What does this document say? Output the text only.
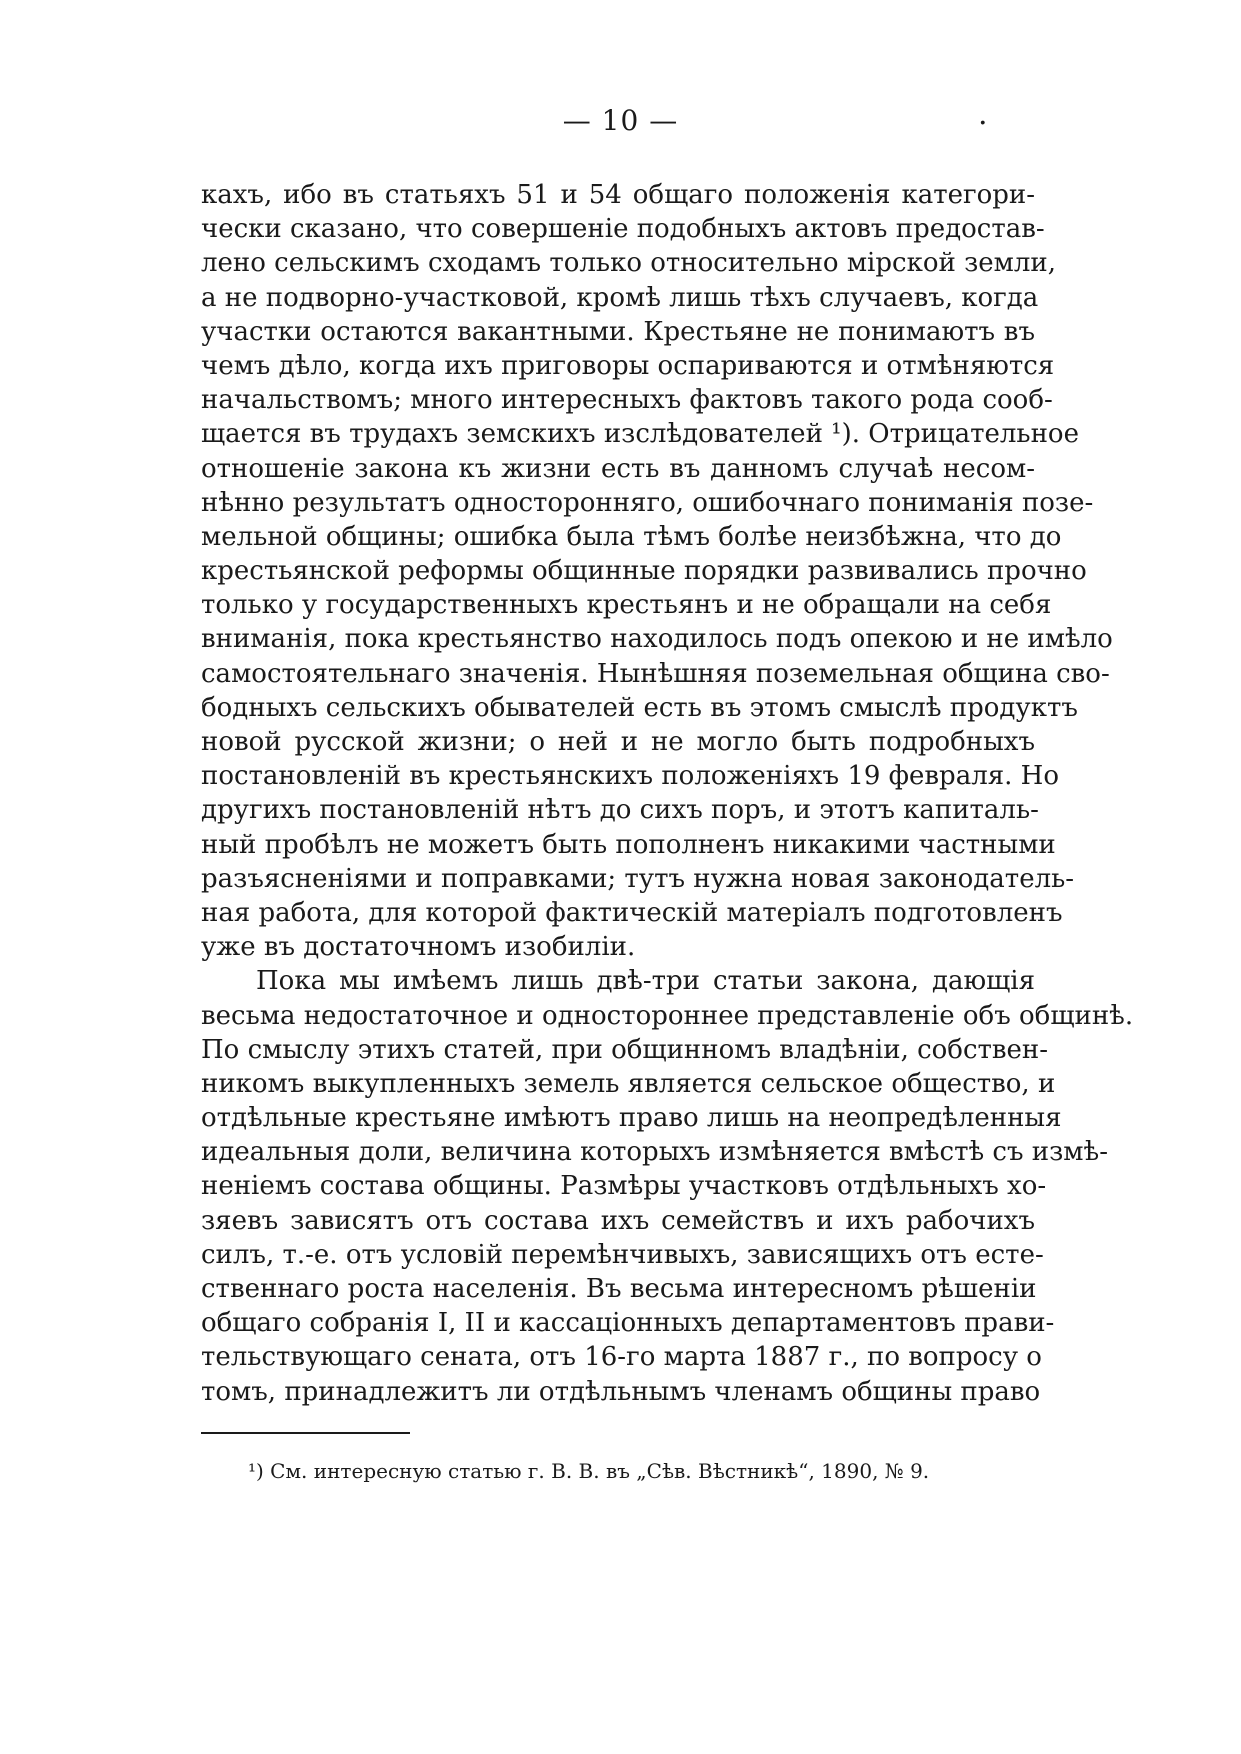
— 10 —	.
кахъ, ибо въ статьяхъ 51 и 54 общаго положенія категори-
чески сказано, что совершеніе подобныхъ актовъ предостав-
лено сельскимъ сходамъ только относительно мірской земли,
а не подворно-участковой, кромѣ лишь тѣхъ случаевъ, когда
участки остаются вакантными. Крестьяне не понимаютъ въ
чемъ дѣло, когда ихъ приговоры оспариваются и отмѣняются
начальствомъ; много интересныхъ фактовъ такого рода сооб-
щается въ трудахъ земскихъ изслѣдователей ¹). Отрицательное
отношеніе закона къ жизни есть въ данномъ случаѣ несом-
нѣнно результатъ односторонняго, ошибочнаго пониманія позе-
мельной общины; ошибка была тѣмъ болѣе неизбѣжна, что до
крестьянской реформы общинные порядки развивались прочно
только у государственныхъ крестьянъ и не обращали на себя
вниманія, пока крестьянство находилось подъ опекою и не имѣло
самостоятельнаго значенія. Нынѣшняя поземельная община сво-
бодныхъ сельскихъ обывателей есть въ этомъ смыслѣ продуктъ
новой русской жизни; о ней и не могло быть подробныхъ
постановленій въ крестьянскихъ положеніяхъ 19 февраля. Но
другихъ постановленій нѣтъ до сихъ поръ, и этотъ капиталь-
ный пробѣлъ не можетъ быть пополненъ никакими частными
разъясненіями и поправками; тутъ нужна новая законодатель-
ная работа, для которой фактическій матеріалъ подготовленъ
уже въ достаточномъ изобиліи.
Пока мы имѣемъ лишь двѣ-три статьи закона, дающія
весьма недостаточное и одностороннее представленіе объ общинѣ.
По смыслу этихъ статей, при общинномъ владѣніи, собствен-
никомъ выкупленныхъ земель является сельское общество, и
отдѣльные крестьяне имѣютъ право лишь на неопредѣленныя
идеальныя доли, величина которыхъ измѣняется вмѣстѣ съ измѣ-
неніемъ состава общины. Размѣры участковъ отдѣльныхъ хо-
зяевъ зависятъ отъ состава ихъ семействъ и ихъ рабочихъ
силъ, т.-е. отъ условій перемѣнчивыхъ, зависящихъ отъ есте-
ственнаго роста населенія. Въ весьма интересномъ рѣшеніи
общаго собранія I, II и кассаціонныхъ департаментовъ прави-
тельствующаго сената, отъ 16-го марта 1887 г., по вопросу о
томъ, принадлежитъ ли отдѣльнымъ членамъ общины право
¹) См. интересную статью г. В. В. въ „Сѣв. Вѣстникѣ“, 1890, № 9.
